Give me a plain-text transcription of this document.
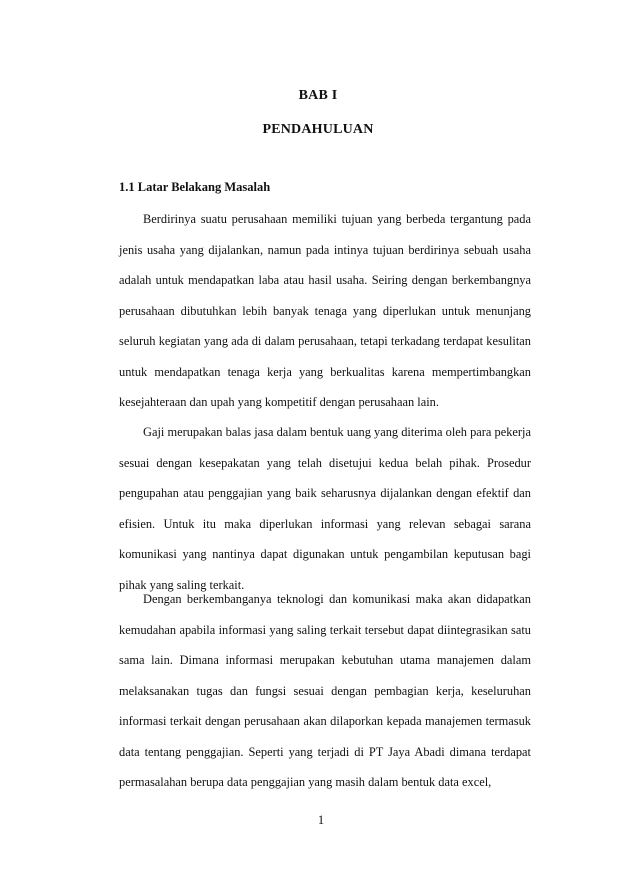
BAB I
PENDAHULUAN
1.1 Latar Belakang Masalah

Berdirinya suatu perusahaan memiliki tujuan yang berbeda tergantung pada jenis usaha yang dijalankan, namun pada intinya tujuan berdirinya sebuah usaha adalah untuk mendapatkan laba atau hasil usaha. Seiring dengan berkembangnya perusahaan dibutuhkan lebih banyak tenaga yang diperlukan untuk menunjang seluruh kegiatan yang ada di dalam perusahaan, tetapi terkadang terdapat kesulitan untuk mendapatkan tenaga kerja yang berkualitas karena mempertimbangkan kesejahteraan dan upah yang kompetitif dengan perusahaan lain.

Gaji merupakan balas jasa dalam bentuk uang yang diterima oleh para pekerja sesuai dengan kesepakatan yang telah disetujui kedua belah pihak. Prosedur pengupahan atau penggajian yang baik seharusnya dijalankan dengan efektif dan efisien. Untuk itu maka diperlukan informasi yang relevan sebagai sarana komunikasi yang nantinya dapat digunakan untuk pengambilan keputusan bagi pihak yang saling terkait.

Dengan berkembanganya teknologi dan komunikasi maka akan didapatkan kemudahan apabila informasi yang saling terkait tersebut dapat diintegrasikan satu sama lain. Dimana informasi merupakan kebutuhan utama manajemen dalam melaksanakan tugas dan fungsi sesuai dengan pembagian kerja, keseluruhan informasi terkait dengan perusahaan akan dilaporkan kepada manajemen termasuk data tentang penggajian. Seperti yang terjadi di PT Jaya Abadi dimana terdapat permasalahan berupa data penggajian yang masih dalam bentuk data excel,

1
